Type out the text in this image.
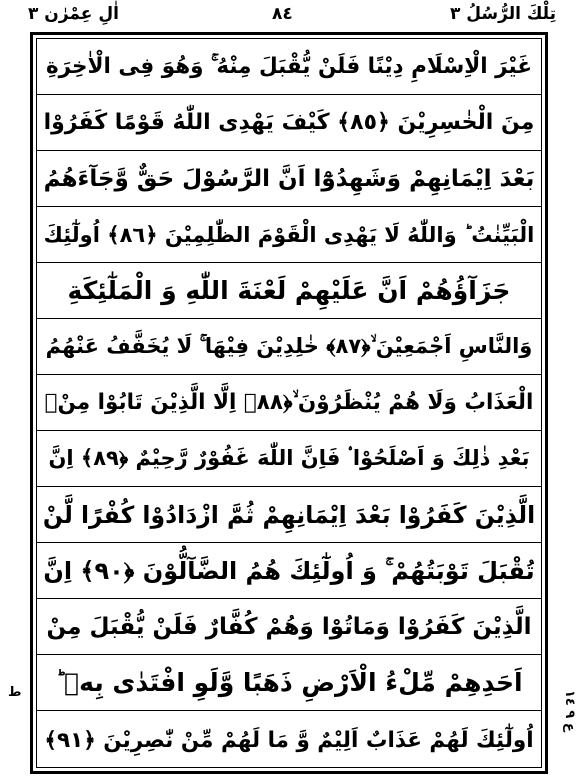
تِلْكَ الرُّسُلُ ٣
٨٤
اٰلِ عِمْرٰن ٣
غَيْرَ الْاِسْلَامِ دِيْنًا فَلَنْ يُّقْبَلَ مِنْهُ ۚ وَهُوَ فِى الْاٰخِرَةِ
مِنَ الْخٰسِرِيْنَ ﴿٨٥﴾ كَيْفَ يَهْدِى اللّٰهُ قَوْمًا كَفَرُوْا
بَعْدَ اِيْمَانِهِمْ وَشَهِدُوْٓا اَنَّ الرَّسُوْلَ حَقٌّ وَّجَآءَهُمُ
الْبَيِّنٰتُ ؕ وَاللّٰهُ لَا يَهْدِى الْقَوْمَ الظّٰلِمِيْنَ ﴿٨٦﴾ اُولٰٓئِكَ
جَزَآؤُهُمْ اَنَّ عَلَيْهِمْ لَعْنَةَ اللّٰهِ وَ الْمَلٰٓئِكَةِ
وَالنَّاسِ اَجْمَعِيْنَ ۙ﴿٨٧﴾ خٰلِدِيْنَ فِيْهَا ۚ لَا يُخَفَّفُ عَنْهُمُ
الْعَذَابُ وَلَا هُمْ يُنْظَرُوْنَ ۙ﴿٨٨﴾ اِلَّا الَّذِيْنَ تَابُوْا مِنْۢ
بَعْدِ ذٰلِكَ وَ اَصْلَحُوْا ۟ فَاِنَّ اللّٰهَ غَفُوْرٌ رَّحِيْمٌ ﴿٨٩﴾ اِنَّ
الَّذِيْنَ كَفَرُوْا بَعْدَ اِيْمَانِهِمْ ثُمَّ ازْدَادُوْا كُفْرًا لَّنْ
تُقْبَلَ تَوْبَتُهُمْ ۚ وَ اُولٰٓئِكَ هُمُ الضَّآلُّوْنَ ﴿٩٠﴾ اِنَّ
الَّذِيْنَ كَفَرُوْا وَمَاتُوْا وَهُمْ كُفَّارٌ فَلَنْ يُّقْبَلَ مِنْ
اَحَدِهِمْ مِّلْءُ الْاَرْضِ ذَهَبًا وَّلَوِ افْتَدٰى بِهٖ ؕ
اُولٰٓئِكَ لَهُمْ عَذَابٌ اَلِيْمٌ وَّ مَا لَهُمْ مِّنْ نّٰصِرِيْنَ ﴿٩١﴾
ط	ع ٩ ١٤
